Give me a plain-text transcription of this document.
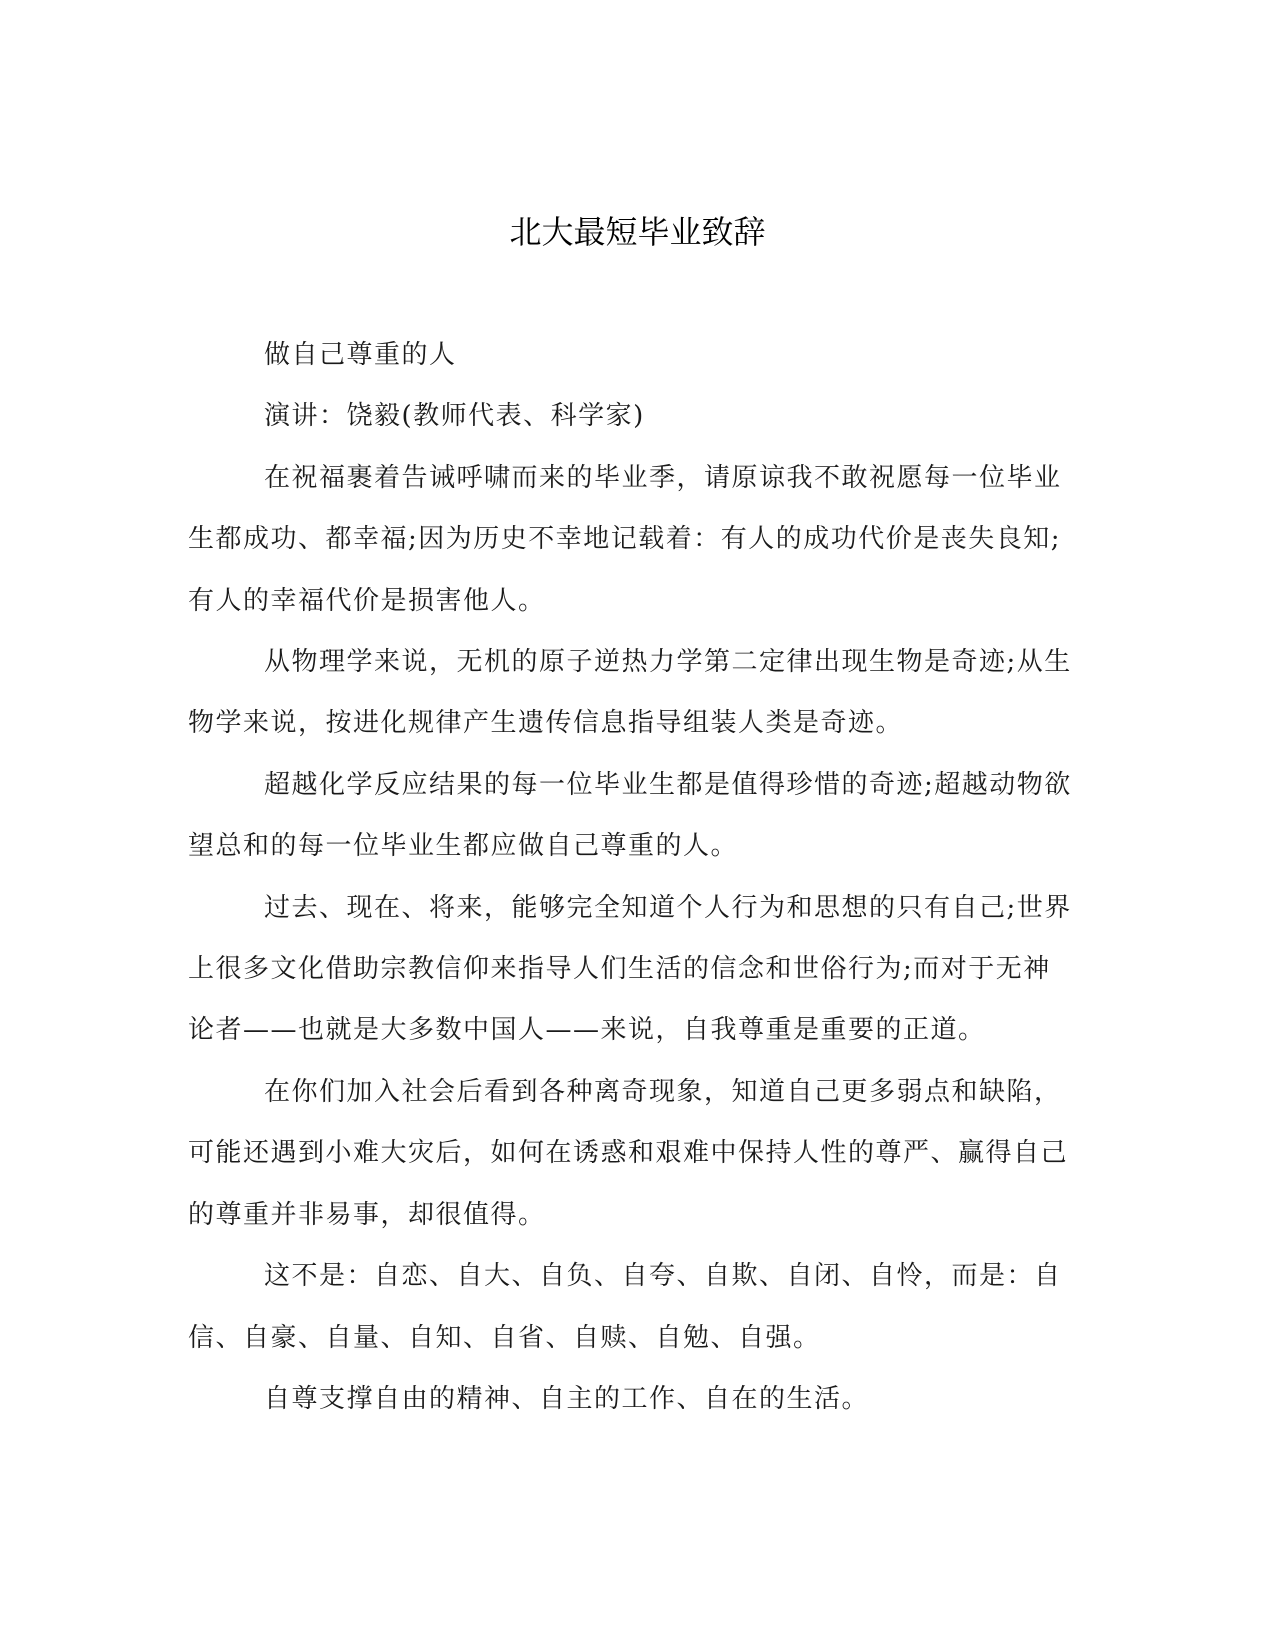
北大最短毕业致辞

做自己尊重的人

演讲：饶毅(教师代表、科学家)

在祝福裹着告诫呼啸而来的毕业季，请原谅我不敢祝愿每一位毕业生都成功、都幸福;因为历史不幸地记载着：有人的成功代价是丧失良知;有人的幸福代价是损害他人。

从物理学来说，无机的原子逆热力学第二定律出现生物是奇迹;从生物学来说，按进化规律产生遗传信息指导组装人类是奇迹。

超越化学反应结果的每一位毕业生都是值得珍惜的奇迹;超越动物欲望总和的每一位毕业生都应做自己尊重的人。

过去、现在、将来，能够完全知道个人行为和思想的只有自己;世界上很多文化借助宗教信仰来指导人们生活的信念和世俗行为;而对于无神论者——也就是大多数中国人——来说，自我尊重是重要的正道。

在你们加入社会后看到各种离奇现象，知道自己更多弱点和缺陷，可能还遇到小难大灾后，如何在诱惑和艰难中保持人性的尊严、赢得自己的尊重并非易事，却很值得。

这不是：自恋、自大、自负、自夸、自欺、自闭、自怜，而是：自信、自豪、自量、自知、自省、自赎、自勉、自强。

自尊支撑自由的精神、自主的工作、自在的生活。
